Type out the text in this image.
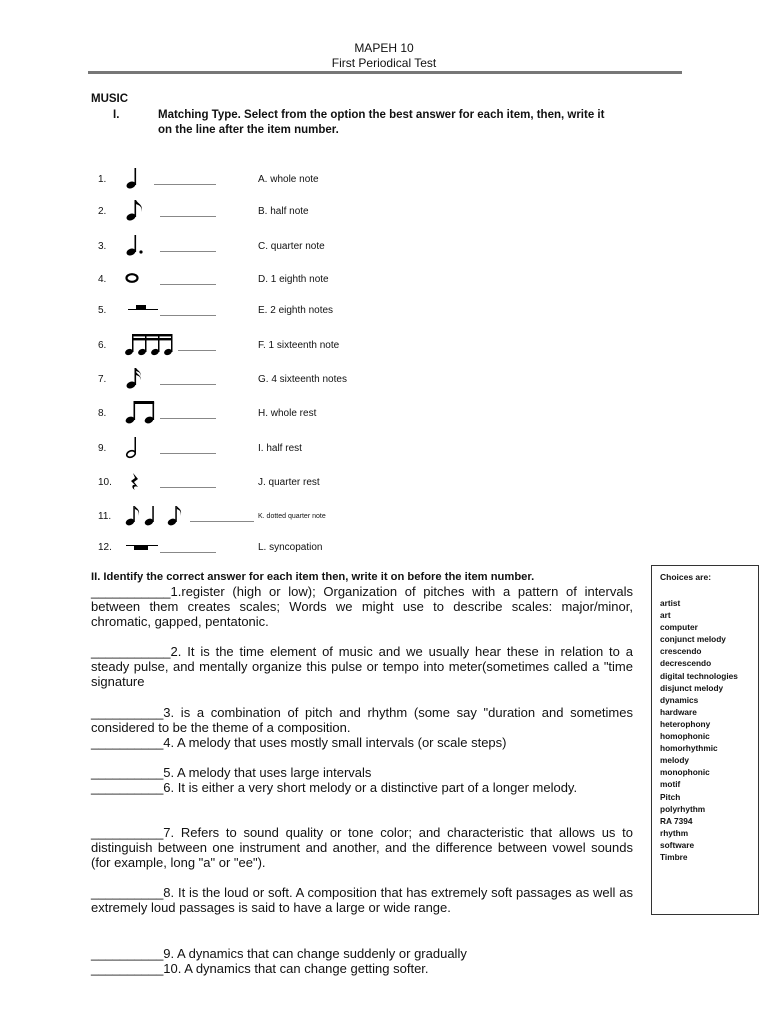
MAPEH 10
First Periodical Test
MUSIC
I.	Matching Type. Select from the option the best answer for each item, then, write it
on the line after the item number.
1.	A. whole note
2.	B. half note
3.	C. quarter note
4.	D. 1 eighth note
5.	E. 2 eighth notes
6.	F. 1 sixteenth note
7.	G. 4 sixteenth notes
8.	H. whole rest
9.	I. half rest
10.	J. quarter rest
11.	K. dotted quarter note
12.	L. syncopation
II. Identify the correct answer for each item then, write it on before the item number.
___________1.register (high or low); Organization of pitches with a pattern of intervals between them creates scales; Words we might use to describe scales: major/minor, chromatic, gapped, pentatonic.
___________2. It is the time element of music and we usually hear these in relation to a steady pulse, and mentally organize this pulse or tempo into meter(sometimes called a "time signature
__________3. is a combination of pitch and rhythm (some say "duration and sometimes considered to be the theme of a composition.
__________4. A melody that uses mostly small intervals (or scale steps)
__________5. A melody that uses large intervals
__________6. It is either a very short melody or a distinctive part of a longer melody.
__________7. Refers to sound quality or tone color; and characteristic that allows us to distinguish between one instrument and another, and the difference between vowel sounds (for example, long "a" or "ee").
__________8. It is the loud or soft. A composition that has extremely soft passages as well as extremely loud passages is said to have a large or wide range.
__________9. A dynamics that can change suddenly or gradually
__________10. A dynamics that can change getting softer.
Choices are:
artist
art
computer
conjunct melody
crescendo
decrescendo
digital technologies
disjunct melody
dynamics
hardware
heterophony
homophonic
homorhythmic
melody
monophonic
motif
Pitch
polyrhythm
RA 7394
rhythm
software
Timbre
